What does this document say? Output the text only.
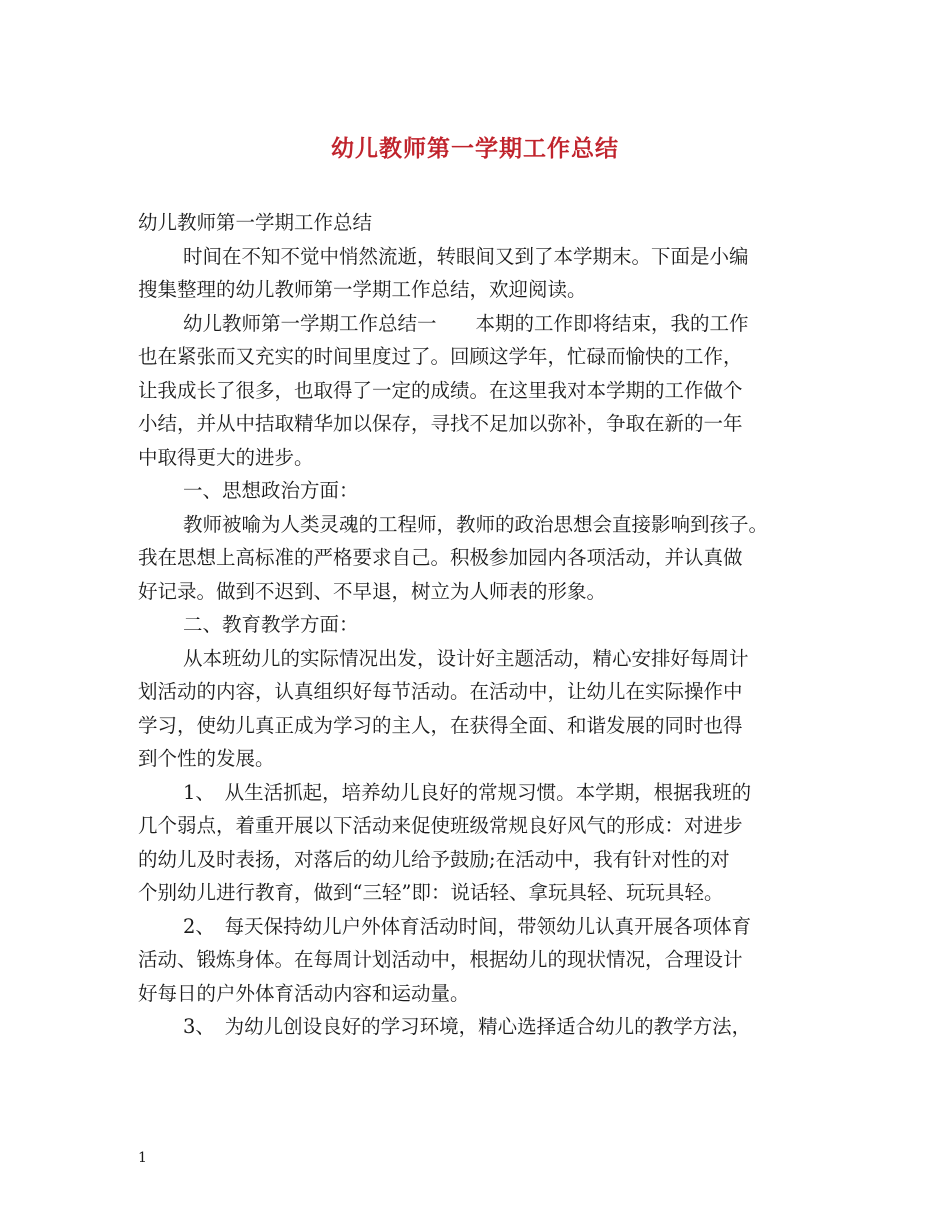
幼儿教师第一学期工作总结

幼儿教师第一学期工作总结

时间在不知不觉中悄然流逝，转眼间又到了本学期末。下面是小编

搜集整理的幼儿教师第一学期工作总结，欢迎阅读。

幼儿教师第一学期工作总结一　　本期的工作即将结束，我的工作

也在紧张而又充实的时间里度过了。回顾这学年，忙碌而愉快的工作，

让我成长了很多，也取得了一定的成绩。在这里我对本学期的工作做个

小结，并从中拮取精华加以保存，寻找不足加以弥补，争取在新的一年

中取得更大的进步。

一、思想政治方面：

教师被喻为人类灵魂的工程师，教师的政治思想会直接影响到孩子。

我在思想上高标准的严格要求自己。积极参加园内各项活动，并认真做

好记录。做到不迟到、不早退，树立为人师表的形象。

二、教育教学方面：

从本班幼儿的实际情况出发，设计好主题活动，精心安排好每周计

划活动的内容，认真组织好每节活动。在活动中，让幼儿在实际操作中

学习，使幼儿真正成为学习的主人，在获得全面、和谐发展的同时也得

到个性的发展。

1、　从生活抓起，培养幼儿良好的常规习惯。本学期，根据我班的

几个弱点，着重开展以下活动来促使班级常规良好风气的形成：对进步

的幼儿及时表扬，对落后的幼儿给予鼓励;在活动中，我有针对性的对

个别幼儿进行教育，做到“三轻”即：说话轻、拿玩具轻、玩玩具轻。

2、　每天保持幼儿户外体育活动时间，带领幼儿认真开展各项体育

活动、锻炼身体。在每周计划活动中，根据幼儿的现状情况，合理设计

好每日的户外体育活动内容和运动量。

3、　为幼儿创设良好的学习环境，精心选择适合幼儿的教学方法，

1
